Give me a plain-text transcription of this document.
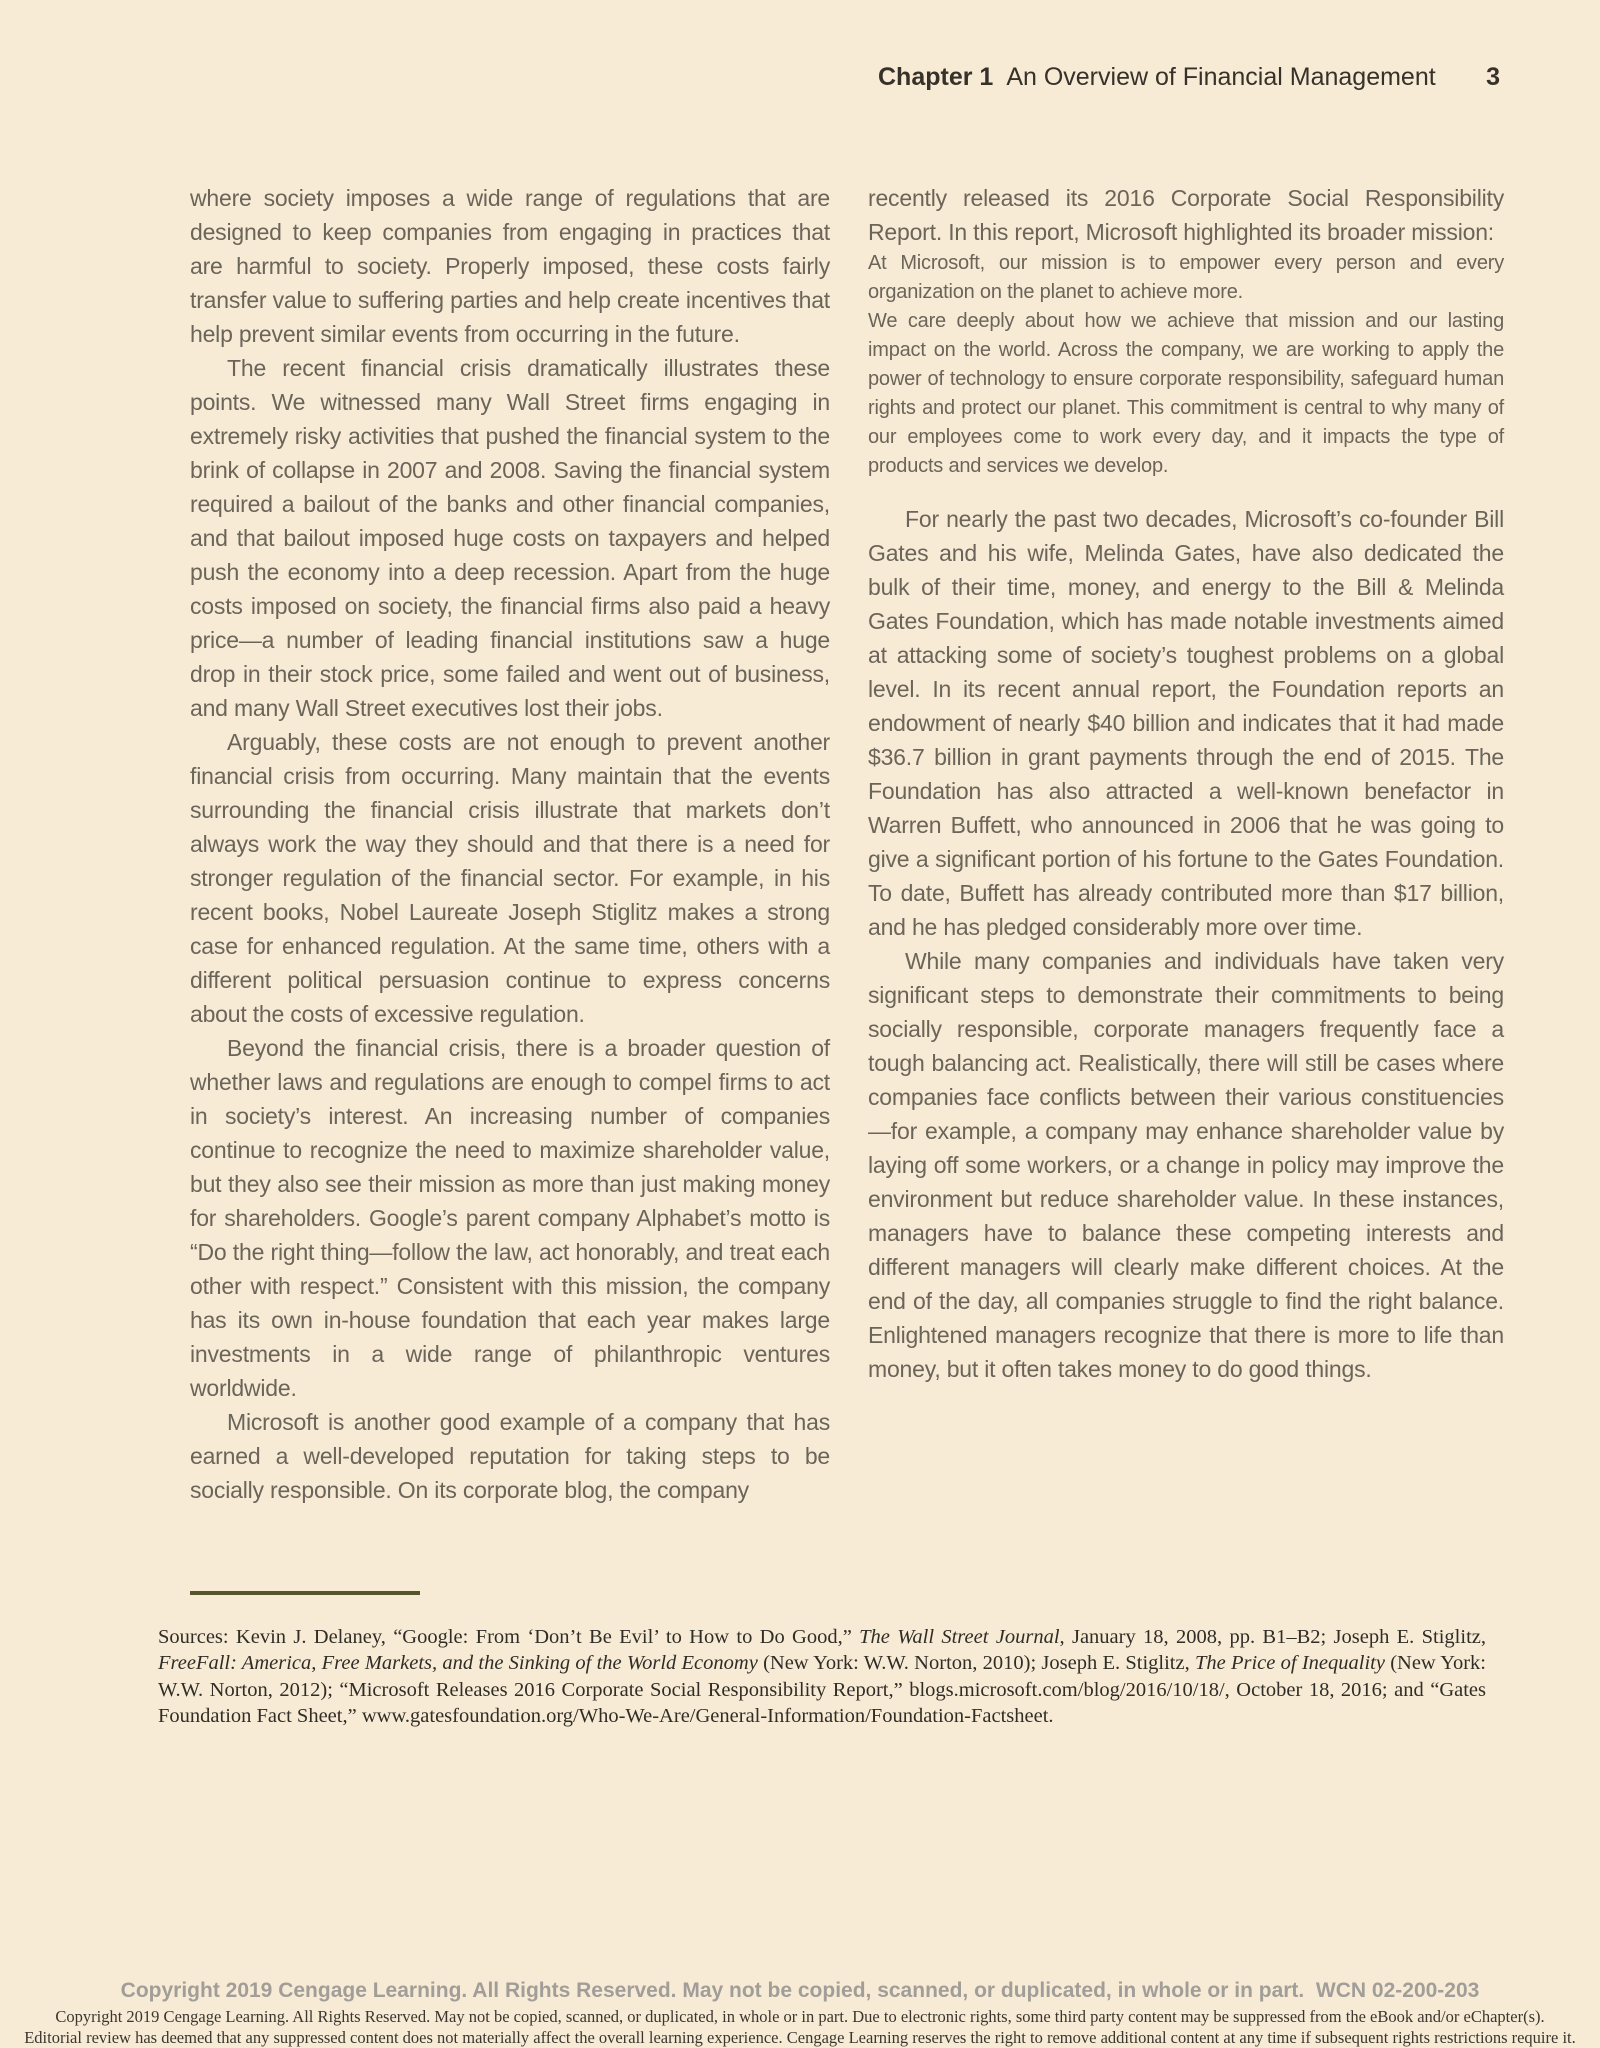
Chapter 1 An Overview of Financial Management	3

where society imposes a wide range of regulations that are designed to keep companies from engaging in practices that are harmful to society. Properly imposed, these costs fairly transfer value to suffering parties and help create incentives that help prevent similar events from occurring in the future.

The recent financial crisis dramatically illustrates these points. We witnessed many Wall Street firms engaging in extremely risky activities that pushed the financial system to the brink of collapse in 2007 and 2008. Saving the financial system required a bailout of the banks and other financial companies, and that bailout imposed huge costs on taxpayers and helped push the economy into a deep recession. Apart from the huge costs imposed on society, the financial firms also paid a heavy price—a number of leading financial institutions saw a huge drop in their stock price, some failed and went out of business, and many Wall Street executives lost their jobs.

Arguably, these costs are not enough to prevent another financial crisis from occurring. Many maintain that the events surrounding the financial crisis illustrate that markets don’t always work the way they should and that there is a need for stronger regulation of the financial sector. For example, in his recent books, Nobel Laureate Joseph Stiglitz makes a strong case for enhanced regulation. At the same time, others with a different political persuasion continue to express concerns about the costs of excessive regulation.

Beyond the financial crisis, there is a broader question of whether laws and regulations are enough to compel firms to act in society’s interest. An increasing number of companies continue to recognize the need to maximize shareholder value, but they also see their mission as more than just making money for shareholders. Google’s parent company Alphabet’s motto is “Do the right thing—follow the law, act honorably, and treat each other with respect.” Consistent with this mission, the company has its own in-house foundation that each year makes large investments in a wide range of philanthropic ventures worldwide.

Microsoft is another good example of a company that has earned a well-developed reputation for taking steps to be socially responsible. On its corporate blog, the company

recently released its 2016 Corporate Social Responsibility Report. In this report, Microsoft highlighted its broader mission:

At Microsoft, our mission is to empower every person and every organization on the planet to achieve more.

We care deeply about how we achieve that mission and our lasting impact on the world. Across the company, we are working to apply the power of technology to ensure corporate responsibility, safeguard human rights and protect our planet. This commitment is central to why many of our employees come to work every day, and it impacts the type of products and services we develop.

For nearly the past two decades, Microsoft’s co-founder Bill Gates and his wife, Melinda Gates, have also dedicated the bulk of their time, money, and energy to the Bill & Melinda Gates Foundation, which has made notable investments aimed at attacking some of society’s toughest problems on a global level. In its recent annual report, the Foundation reports an endowment of nearly $40 billion and indicates that it had made $36.7 billion in grant payments through the end of 2015. The Foundation has also attracted a well-known benefactor in Warren Buffett, who announced in 2006 that he was going to give a significant portion of his fortune to the Gates Foundation. To date, Buffett has already contributed more than $17 billion, and he has pledged considerably more over time.

While many companies and individuals have taken very significant steps to demonstrate their commitments to being socially responsible, corporate managers frequently face a tough balancing act. Realistically, there will still be cases where companies face conflicts between their various constituencies—for example, a company may enhance shareholder value by laying off some workers, or a change in policy may improve the environment but reduce shareholder value. In these instances, managers have to balance these competing interests and different managers will clearly make different choices. At the end of the day, all companies struggle to find the right balance. Enlightened managers recognize that there is more to life than money, but it often takes money to do good things.

Sources: Kevin J. Delaney, “Google: From ‘Don’t Be Evil’ to How to Do Good,” The Wall Street Journal, January 18, 2008, pp. B1–B2; Joseph E. Stiglitz, FreeFall: America, Free Markets, and the Sinking of the World Economy (New York: W.W. Norton, 2010); Joseph E. Stiglitz, The Price of Inequality (New York: W.W. Norton, 2012); “Microsoft Releases 2016 Corporate Social Responsibility Report,” blogs.microsoft.com​/blog​/2016​/10​/18​/, October 18, 2016; and “Gates Foundation Fact Sheet,” www.gatesfoundation.org​/Who-We-Are​/General-Information​/Foundation-Factsheet.

Copyright 2019 Cengage Learning. All Rights Reserved. May not be copied, scanned, or duplicated, in whole or in part.  WCN 02-200-203
Copyright 2019 Cengage Learning. All Rights Reserved. May not be copied, scanned, or duplicated, in whole or in part. Due to electronic rights, some third party content may be suppressed from the eBook and/or eChapter(s).
Editorial review has deemed that any suppressed content does not materially affect the overall learning experience. Cengage Learning reserves the right to remove additional content at any time if subsequent rights restrictions require it.
